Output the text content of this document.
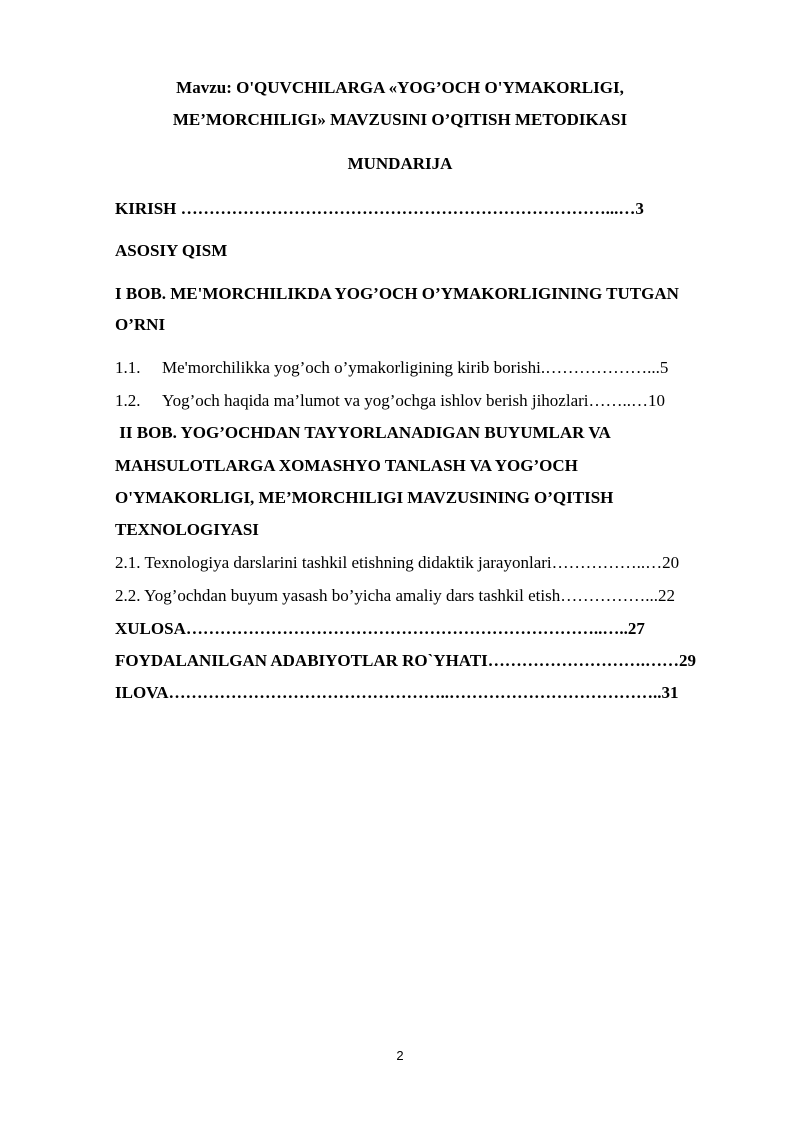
Mavzu: O'QUVCHILARGA «YOG’OCH O'YMAKORLIGI,
ME’MORCHILIGI» MAVZUSINI O’QITISH METODIKASI
MUNDARIJA
KIRISH …………………………………………………………………...…3
ASOSIY QISM
I BOB. ME'MORCHILIKDA YOG’OCH O’YMAKORLIGINING TUTGAN
O’RNI
1.1. Me'morchilikka yog’och o’ymakorligining kirib borishi.………………...5
1.2. Yog’och haqida ma’lumot va yog’ochga ishlov berish jihozlari……..…10
II BOB. YOG’OCHDAN TAYYORLANADIGAN BUYUMLAR VA
MAHSULOTLARGA XOMASHYO TANLASH VA YOG’OCH
O'YMAKORLIGI, ME’MORCHILIGI MAVZUSINING O’QITISH
TEXNOLOGIYASI
2.1. Texnologiya darslarini tashkil etishning didaktik jarayonlari……………..…20
2.2. Yog’ochdan buyum yasash bo’yicha amaliy dars tashkil etish……………...22
XULOSA………………………………………………………………..…..27
FOYDALANILGAN ADABIYOTLAR RO`YHATI……………………….……29
ILOVA…………………………………………..………………………………..31
2
